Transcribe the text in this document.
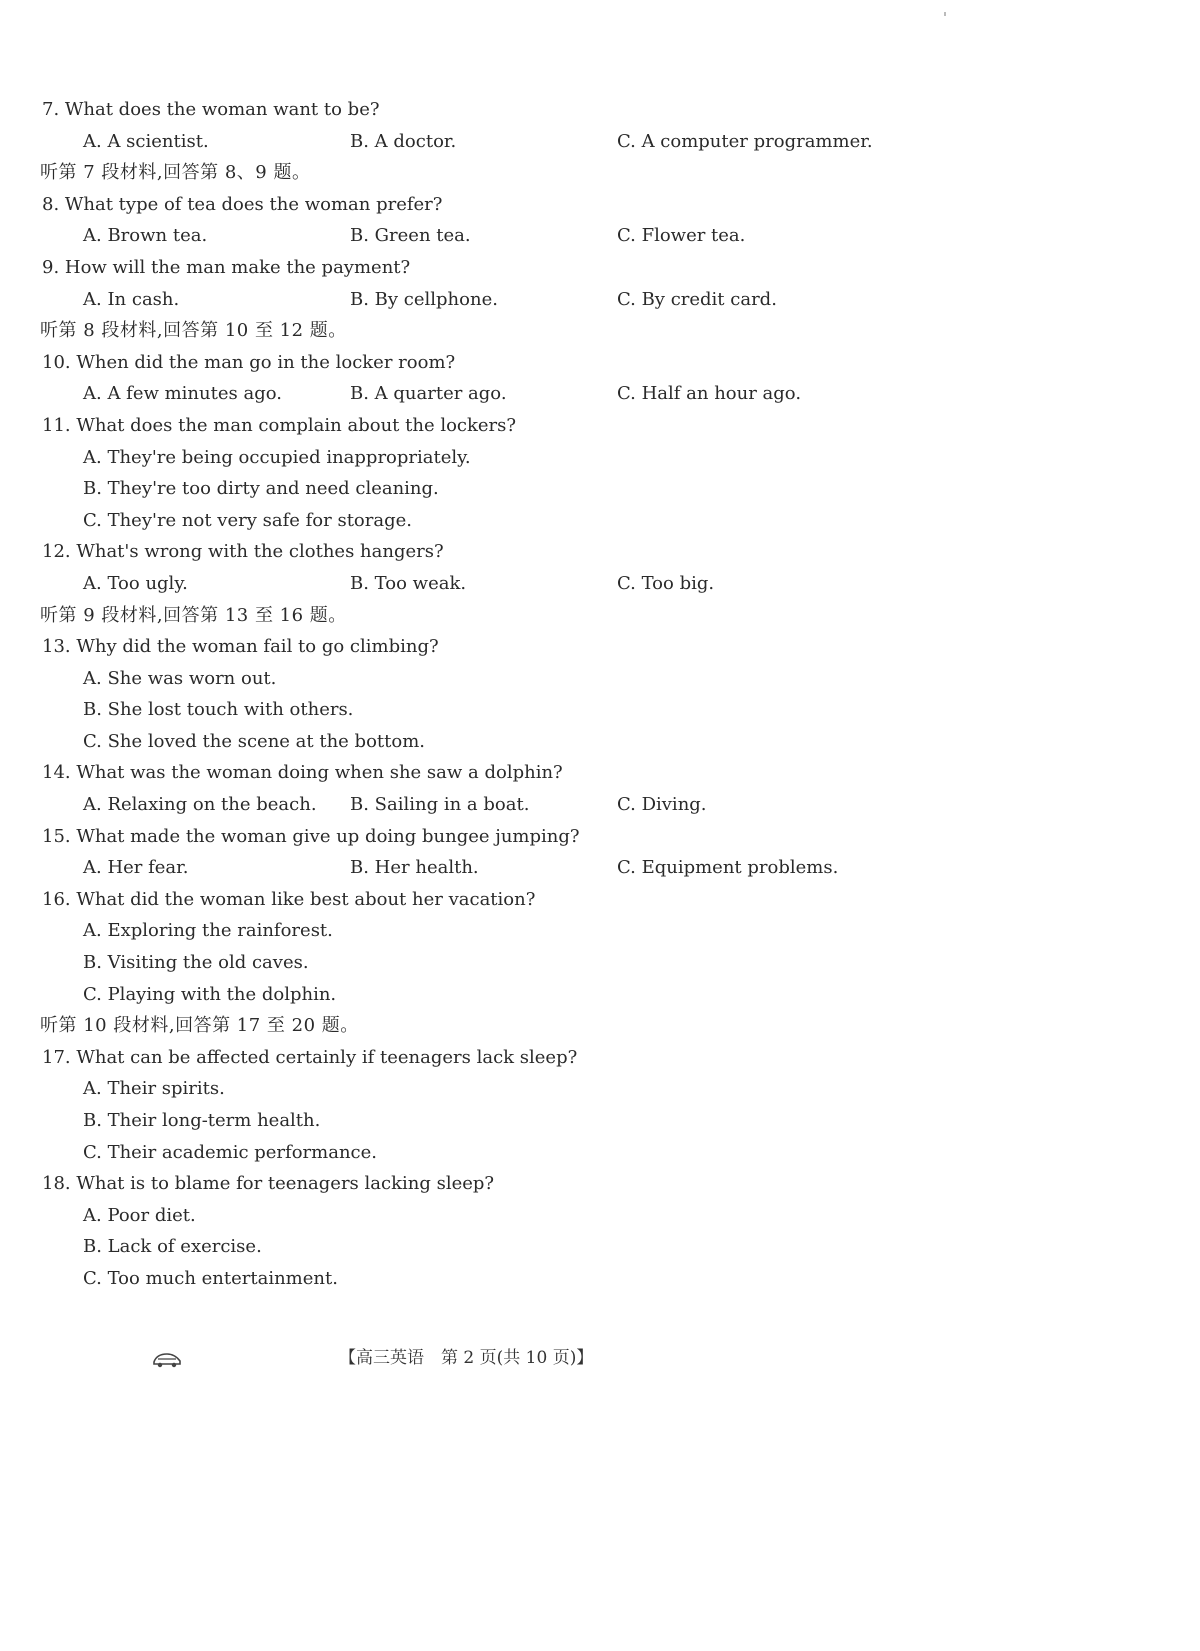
7. What does the woman want to be?
A. A scientist.	B. A doctor.	C. A computer programmer.
听第 7 段材料,回答第 8、9 题。
8. What type of tea does the woman prefer?
A. Brown tea.	B. Green tea.	C. Flower tea.
9. How will the man make the payment?
A. In cash.	B. By cellphone.	C. By credit card.
听第 8 段材料,回答第 10 至 12 题。
10. When did the man go in the locker room?
A. A few minutes ago.	B. A quarter ago.	C. Half an hour ago.
11. What does the man complain about the lockers?
A. They're being occupied inappropriately.
B. They're too dirty and need cleaning.
C. They're not very safe for storage.
12. What's wrong with the clothes hangers?
A. Too ugly.	B. Too weak.	C. Too big.
听第 9 段材料,回答第 13 至 16 题。
13. Why did the woman fail to go climbing?
A. She was worn out.
B. She lost touch with others.
C. She loved the scene at the bottom.
14. What was the woman doing when she saw a dolphin?
A. Relaxing on the beach. B. Sailing in a boat.	C. Diving.
15. What made the woman give up doing bungee jumping?
A. Her fear.	B. Her health.	C. Equipment problems.
16. What did the woman like best about her vacation?
A. Exploring the rainforest.
B. Visiting the old caves.
C. Playing with the dolphin.
听第 10 段材料,回答第 17 至 20 题。
17. What can be affected certainly if teenagers lack sleep?
A. Their spirits.
B. Their long-term health.
C. Their academic performance.
18. What is to blame for teenagers lacking sleep?
A. Poor diet.
B. Lack of exercise.
C. Too much entertainment.
【高三英语　第 2 页(共 10 页)】
